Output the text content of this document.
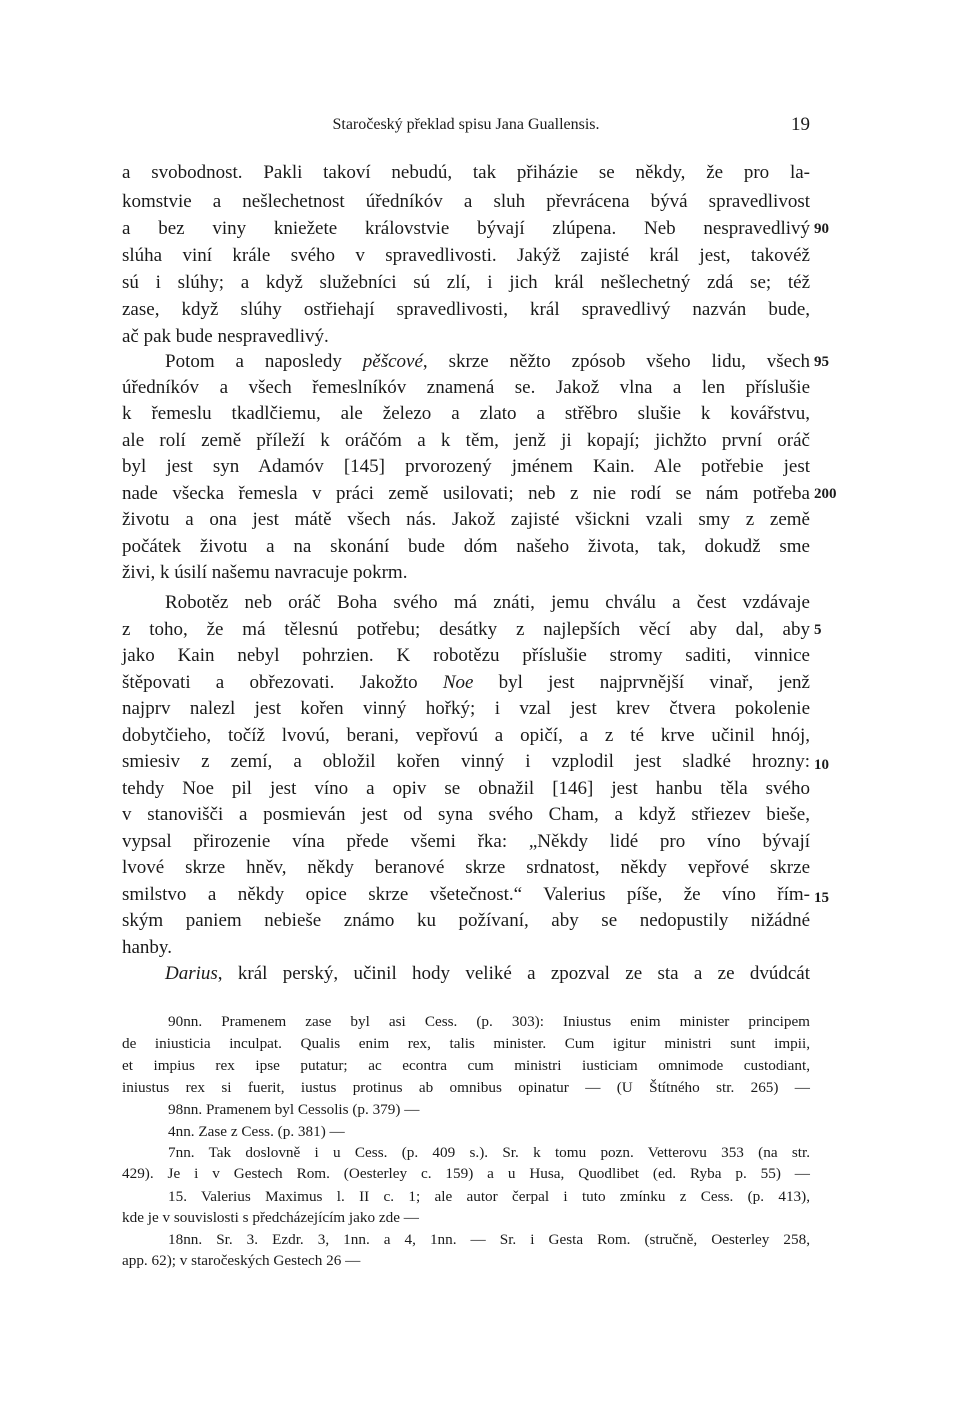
Staročeský překlad spisu Jana Guallensis.	19
a svobodnost. Pakli takoví nebudú, tak přiházie se někdy, že pro la-
komstvie a nešlechetnost úředníkóv a sluh převrácena bývá spravedlivost
a bez viny kniežete královstvie bývají zlúpena. Neb nespravedlivý 90
slúha viní krále svého v spravedlivosti. Jakýž zajisté král jest, takovéž
sú i slúhy; a když služebníci sú zlí, i jich král nešlechetný zdá se; též
zase, když slúhy ostřiehají spravedlivosti, král spravedlivý nazván bude,
ač pak bude nespravedlivý.
Potom a naposledy pěšcové, skrze něžto zpósob všeho lidu, všech 95
úředníkóv a všech řemeslníkóv znamená se. Jakož vlna a len příslušie
k řemeslu tkadlčiemu, ale železo a zlato a střěbro slušie k kovářstvu,
ale rolí země příleží k oráčóm a k těm, jenž ji kopají; jichžto první oráč
byl jest syn Adamóv [145] prvorozený jménem Kain. Ale potřebie jest
nade všecka řemesla v práci země usilovati; neb z nie rodí se nám potřeba 200
životu a ona jest mátě všech nás. Jakož zajisté všickni vzali smy z země
počátek životu a na skonání bude dóm našeho života, tak, dokudž sme
živi, k úsilí našemu navracuje pokrm.
Robotěz neb oráč Boha svého má znáti, jemu chválu a čest vzdávaje
z toho, že má tělesnú potřebu; desátky z najlepších věcí aby dal, aby 5
jako Kain nebyl pohrzien. K robotězu příslušie stromy saditi, vinnice
štěpovati a obřezovati. Jakožto Noe byl jest najprvnější vinař, jenž
najprv nalezl jest kořen vinný hořký; i vzal jest krev čtvera pokolenie
dobytčieho, točíž lvovú, berani, vepřovú a opičí, a z té krve učinil hnój,
smiesiv z zemí, a obložil kořen vinný i vzplodil jest sladké hrozny: 10
tehdy Noe pil jest víno a opiv se obnažil [146] jest hanbu těla svého
v stanovišči a posmieván jest od syna svého Cham, a když střiezev bieše,
vypsal přirozenie vína přede všemi řka: „Někdy lidé pro víno bývají
lvové skrze hněv, někdy beranové skrze srdnatost, někdy vepřové skrze
smilstvo a někdy opice skrze všetečnost.“ Valerius píše, že víno řím- 15
ským paniem nebieše známo ku požívaní, aby se nedopustily nižádné
hanby.
Darius, král perský, učinil hody veliké a zpozval ze sta a ze dvúdcát
90nn. Pramenem zase byl asi Cess. (p. 303): Iniustus enim minister principem
de iniusticia inculpat. Qualis enim rex, talis minister. Cum igitur ministri sunt impii,
et impius rex ipse putatur; ac econtra cum ministri iusticiam omnimode custodiant,
iniustus rex si fuerit, iustus protinus ab omnibus opinatur — (U Štítného str. 265) —
98nn. Pramenem byl Cessolis (p. 379) —
4nn. Zase z Cess. (p. 381) —
7nn. Tak doslovně i u Cess. (p. 409 s.). Sr. k tomu pozn. Vetterovu 353 (na str.
429). Je i v Gestech Rom. (Oesterley c. 159) a u Husa, Quodlibet (ed. Ryba p. 55) —
15. Valerius Maximus l. II c. 1; ale autor čerpal i tuto zmínku z Cess. (p. 413),
kde je v souvislosti s předcházejícím jako zde —
18nn. Sr. 3. Ezdr. 3, 1nn. a 4, 1nn. — Sr. i Gesta Rom. (stručně, Oesterley 258,
app. 62); v staročeských Gestech 26 —
